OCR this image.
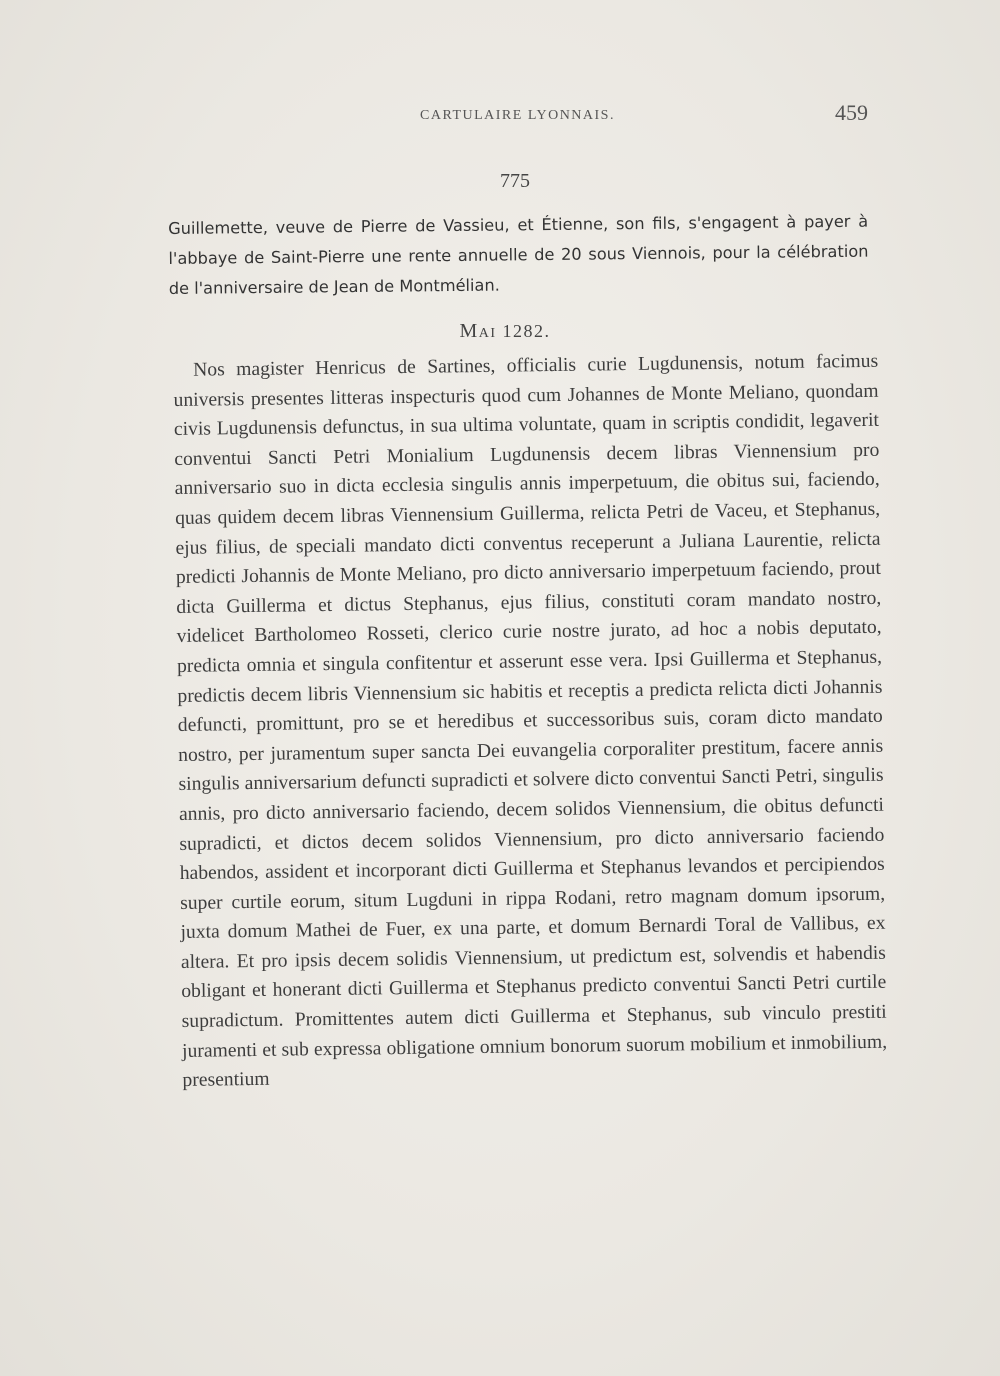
CARTULAIRE LYONNAIS.	459
775
Guillemette, veuve de Pierre de Vassieu, et Étienne, son fils, s'engagent à payer à l'abbaye de Saint-Pierre une rente annuelle de 20 sous Viennois, pour la célébration de l'anniversaire de Jean de Montmélian.
Mai 1282.
Nos magister Henricus de Sartines, officialis curie Lugdunensis, notum facimus universis presentes litteras inspecturis quod cum Johannes de Monte Meliano, quondam civis Lugdunensis defunctus, in sua ultima voluntate, quam in scriptis condidit, legaverit conventui Sancti Petri Monialium Lugdunensis decem libras Viennensium pro anniversario suo in dicta ecclesia singulis annis imperpetuum, die obitus sui, faciendo, quas quidem decem libras Viennensium Guillerma, relicta Petri de Vaceu, et Stephanus, ejus filius, de speciali mandato dicti conventus receperunt a Juliana Laurentie, relicta predicti Johannis de Monte Meliano, pro dicto anniversario imperpetuum faciendo, prout dicta Guillerma et dictus Stephanus, ejus filius, constituti coram mandato nostro, videlicet Bartholomeo Rosseti, clerico curie nostre jurato, ad hoc a nobis deputato, predicta omnia et singula confitentur et asserunt esse vera. Ipsi Guillerma et Stephanus, predictis decem libris Viennensium sic habitis et receptis a predicta relicta dicti Johannis defuncti, promittunt, pro se et heredibus et successoribus suis, coram dicto mandato nostro, per juramentum super sancta Dei euvangelia corporaliter prestitum, facere annis singulis anniversarium defuncti supradicti et solvere dicto conventui Sancti Petri, singulis annis, pro dicto anniversario faciendo, decem solidos Viennensium, die obitus defuncti supradicti, et dictos decem solidos Viennensium, pro dicto anniversario faciendo habendos, assident et incorporant dicti Guillerma et Stephanus levandos et percipiendos super curtile eorum, situm Lugduni in rippa Rodani, retro magnam domum ipsorum, juxta domum Mathei de Fuer, ex una parte, et domum Bernardi Toral de Vallibus, ex altera. Et pro ipsis decem solidis Viennensium, ut predictum est, solvendis et habendis obligant et honerant dicti Guillerma et Stephanus predicto conventui Sancti Petri curtile supradictum. Promittentes autem dicti Guillerma et Stephanus, sub vinculo prestiti juramenti et sub expressa obligatione omnium bonorum suorum mobilium et inmobilium, presentium
